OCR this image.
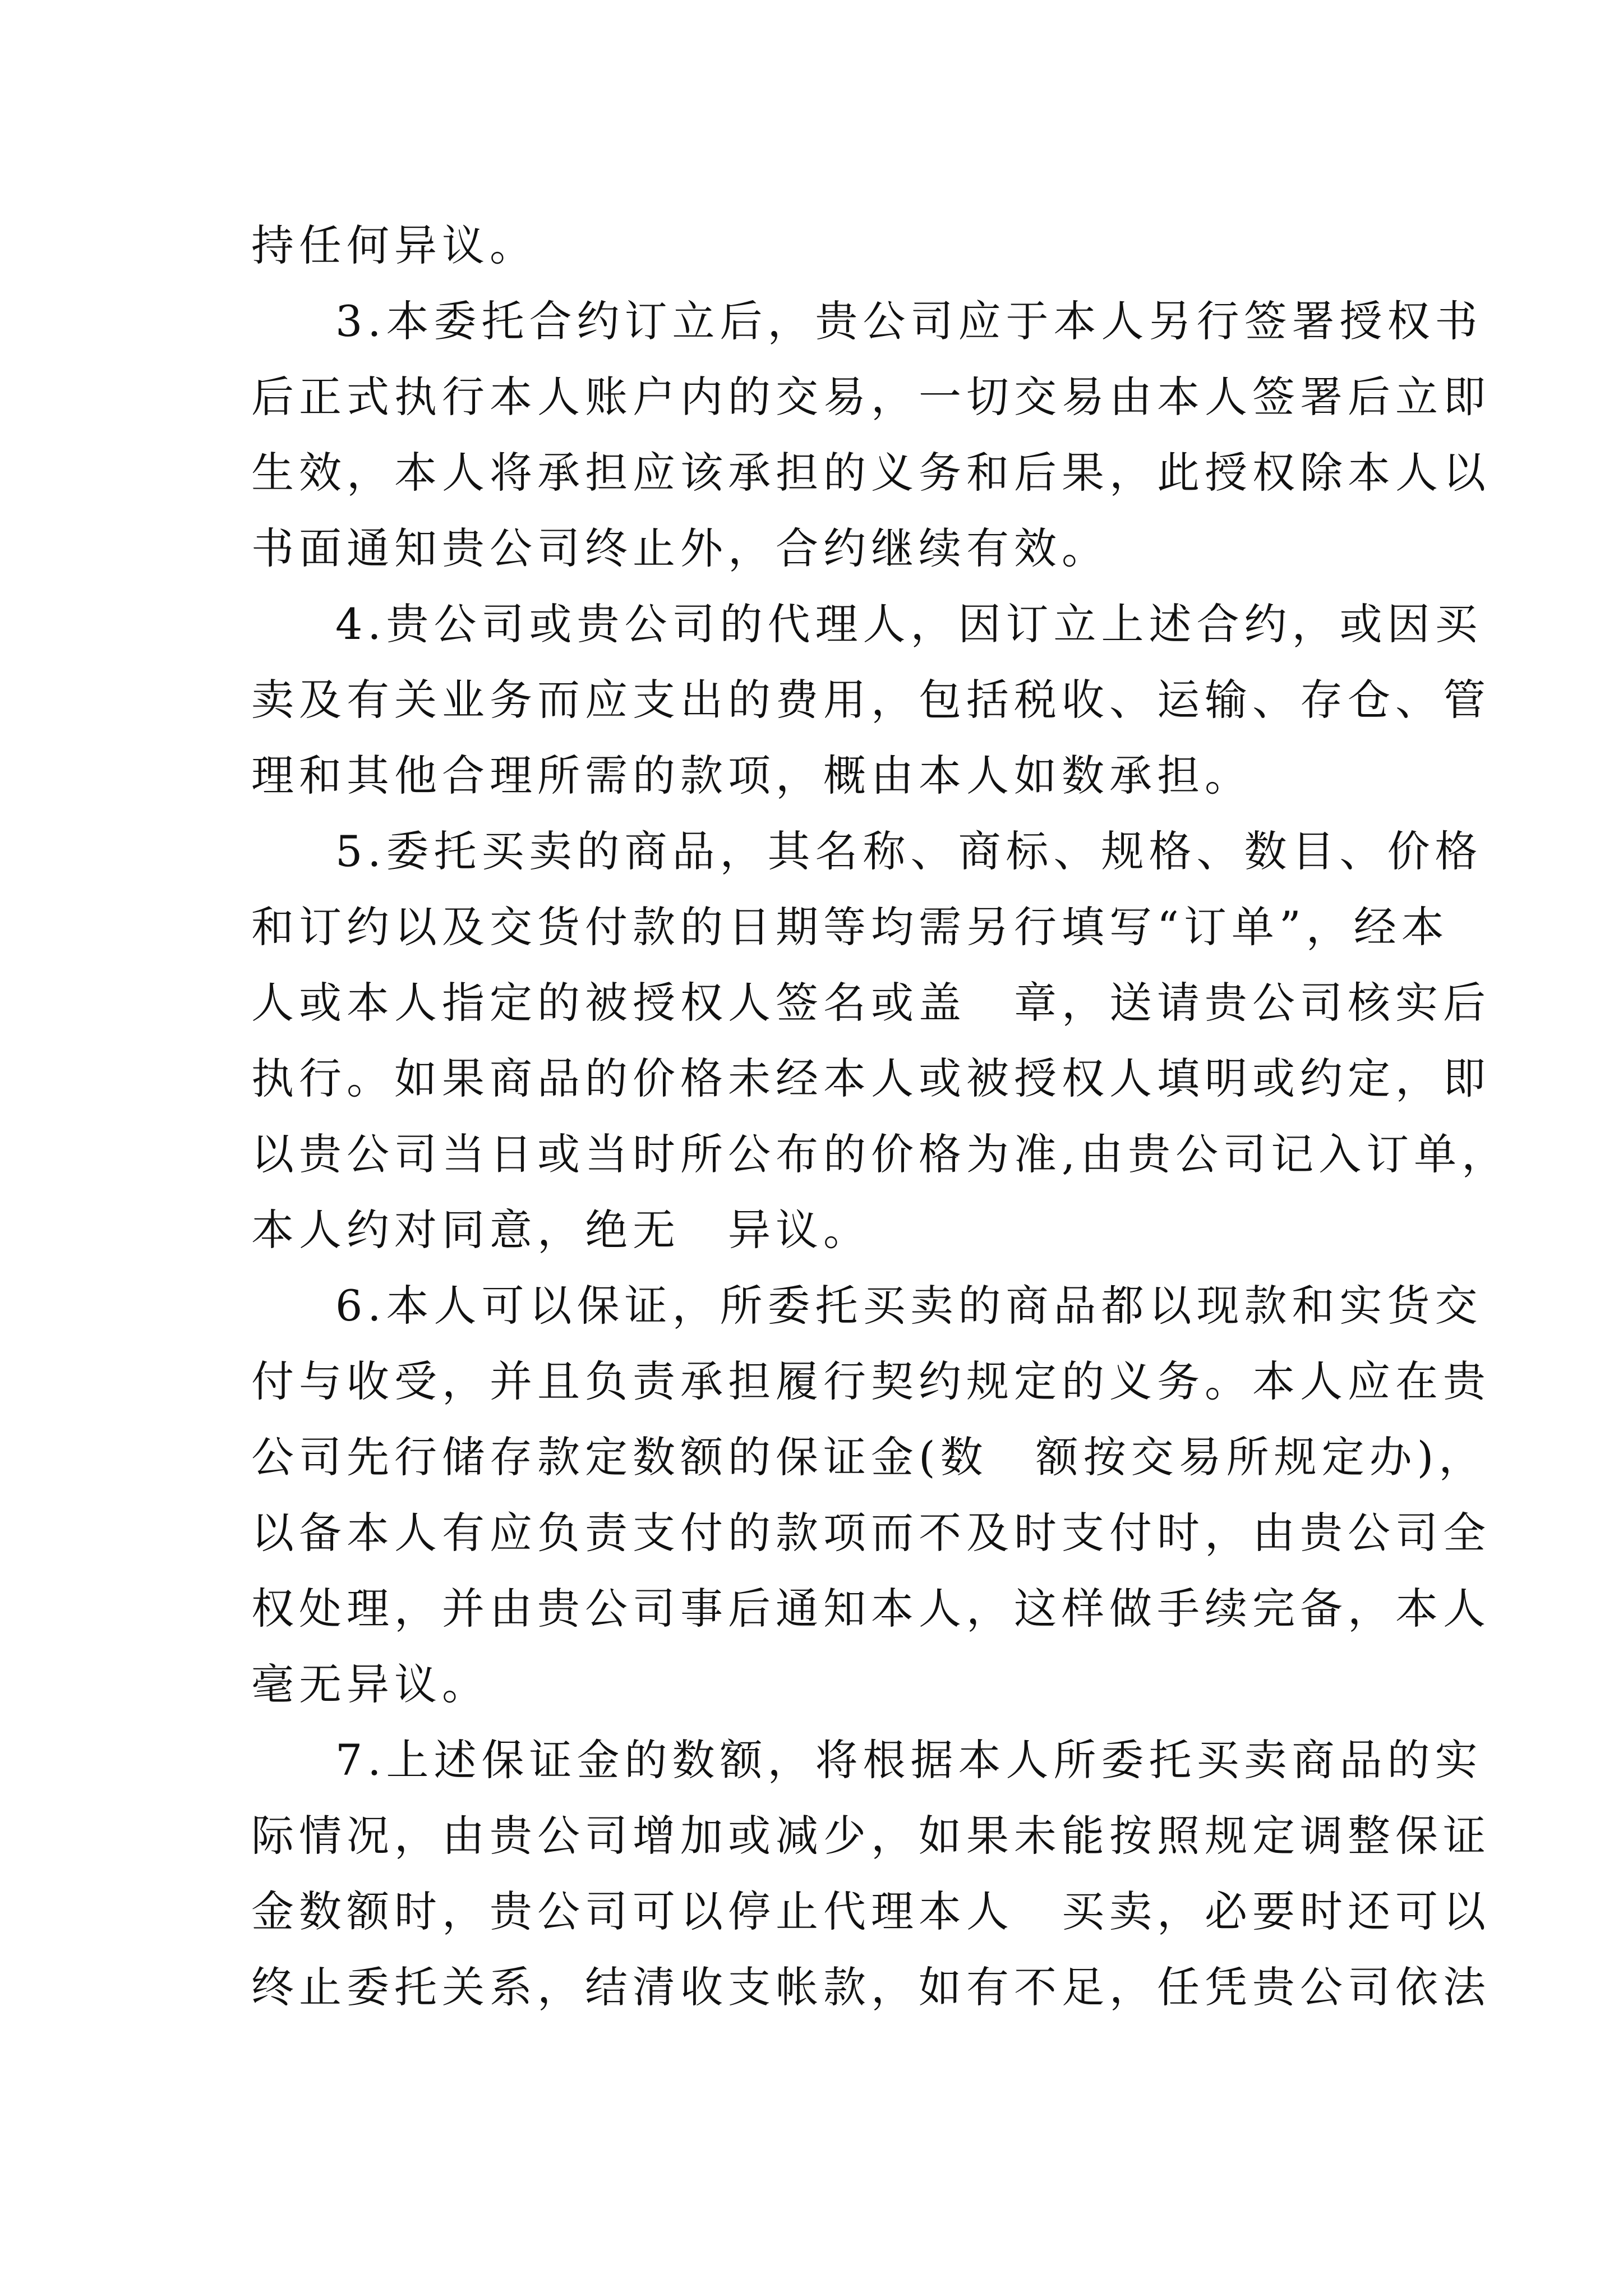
持任何异议。
3.本委托合约订立后，贵公司应于本人另行签署授权书
后正式执行本人账户内的交易，一切交易由本人签署后立即
生效，本人将承担应该承担的义务和后果，此授权除本人以
书面通知贵公司终止外，合约继续有效。
4.贵公司或贵公司的代理人，因订立上述合约，或因买
卖及有关业务而应支出的费用，包括税收、运输、存仓、管
理和其他合理所需的款项，概由本人如数承担。
5.委托买卖的商品，其名称、商标、规格、数目、价格
和订约以及交货付款的日期等均需另行填写“订单”，经本
人或本人指定的被授权人签名或盖　章，送请贵公司核实后
执行。如果商品的价格未经本人或被授权人填明或约定，即
以贵公司当日或当时所公布的价格为准,由贵公司记入订单，
本人约对同意，绝无　异议。
6.本人可以保证，所委托买卖的商品都以现款和实货交
付与收受，并且负责承担履行契约规定的义务。本人应在贵
公司先行储存款定数额的保证金(数　额按交易所规定办)，
以备本人有应负责支付的款项而不及时支付时，由贵公司全
权处理，并由贵公司事后通知本人，这样做手续完备，本人
毫无异议。
7.上述保证金的数额，将根据本人所委托买卖商品的实
际情况，由贵公司增加或减少，如果未能按照规定调整保证
金数额时，贵公司可以停止代理本人　买卖，必要时还可以
终止委托关系，结清收支帐款，如有不足，任凭贵公司依法
